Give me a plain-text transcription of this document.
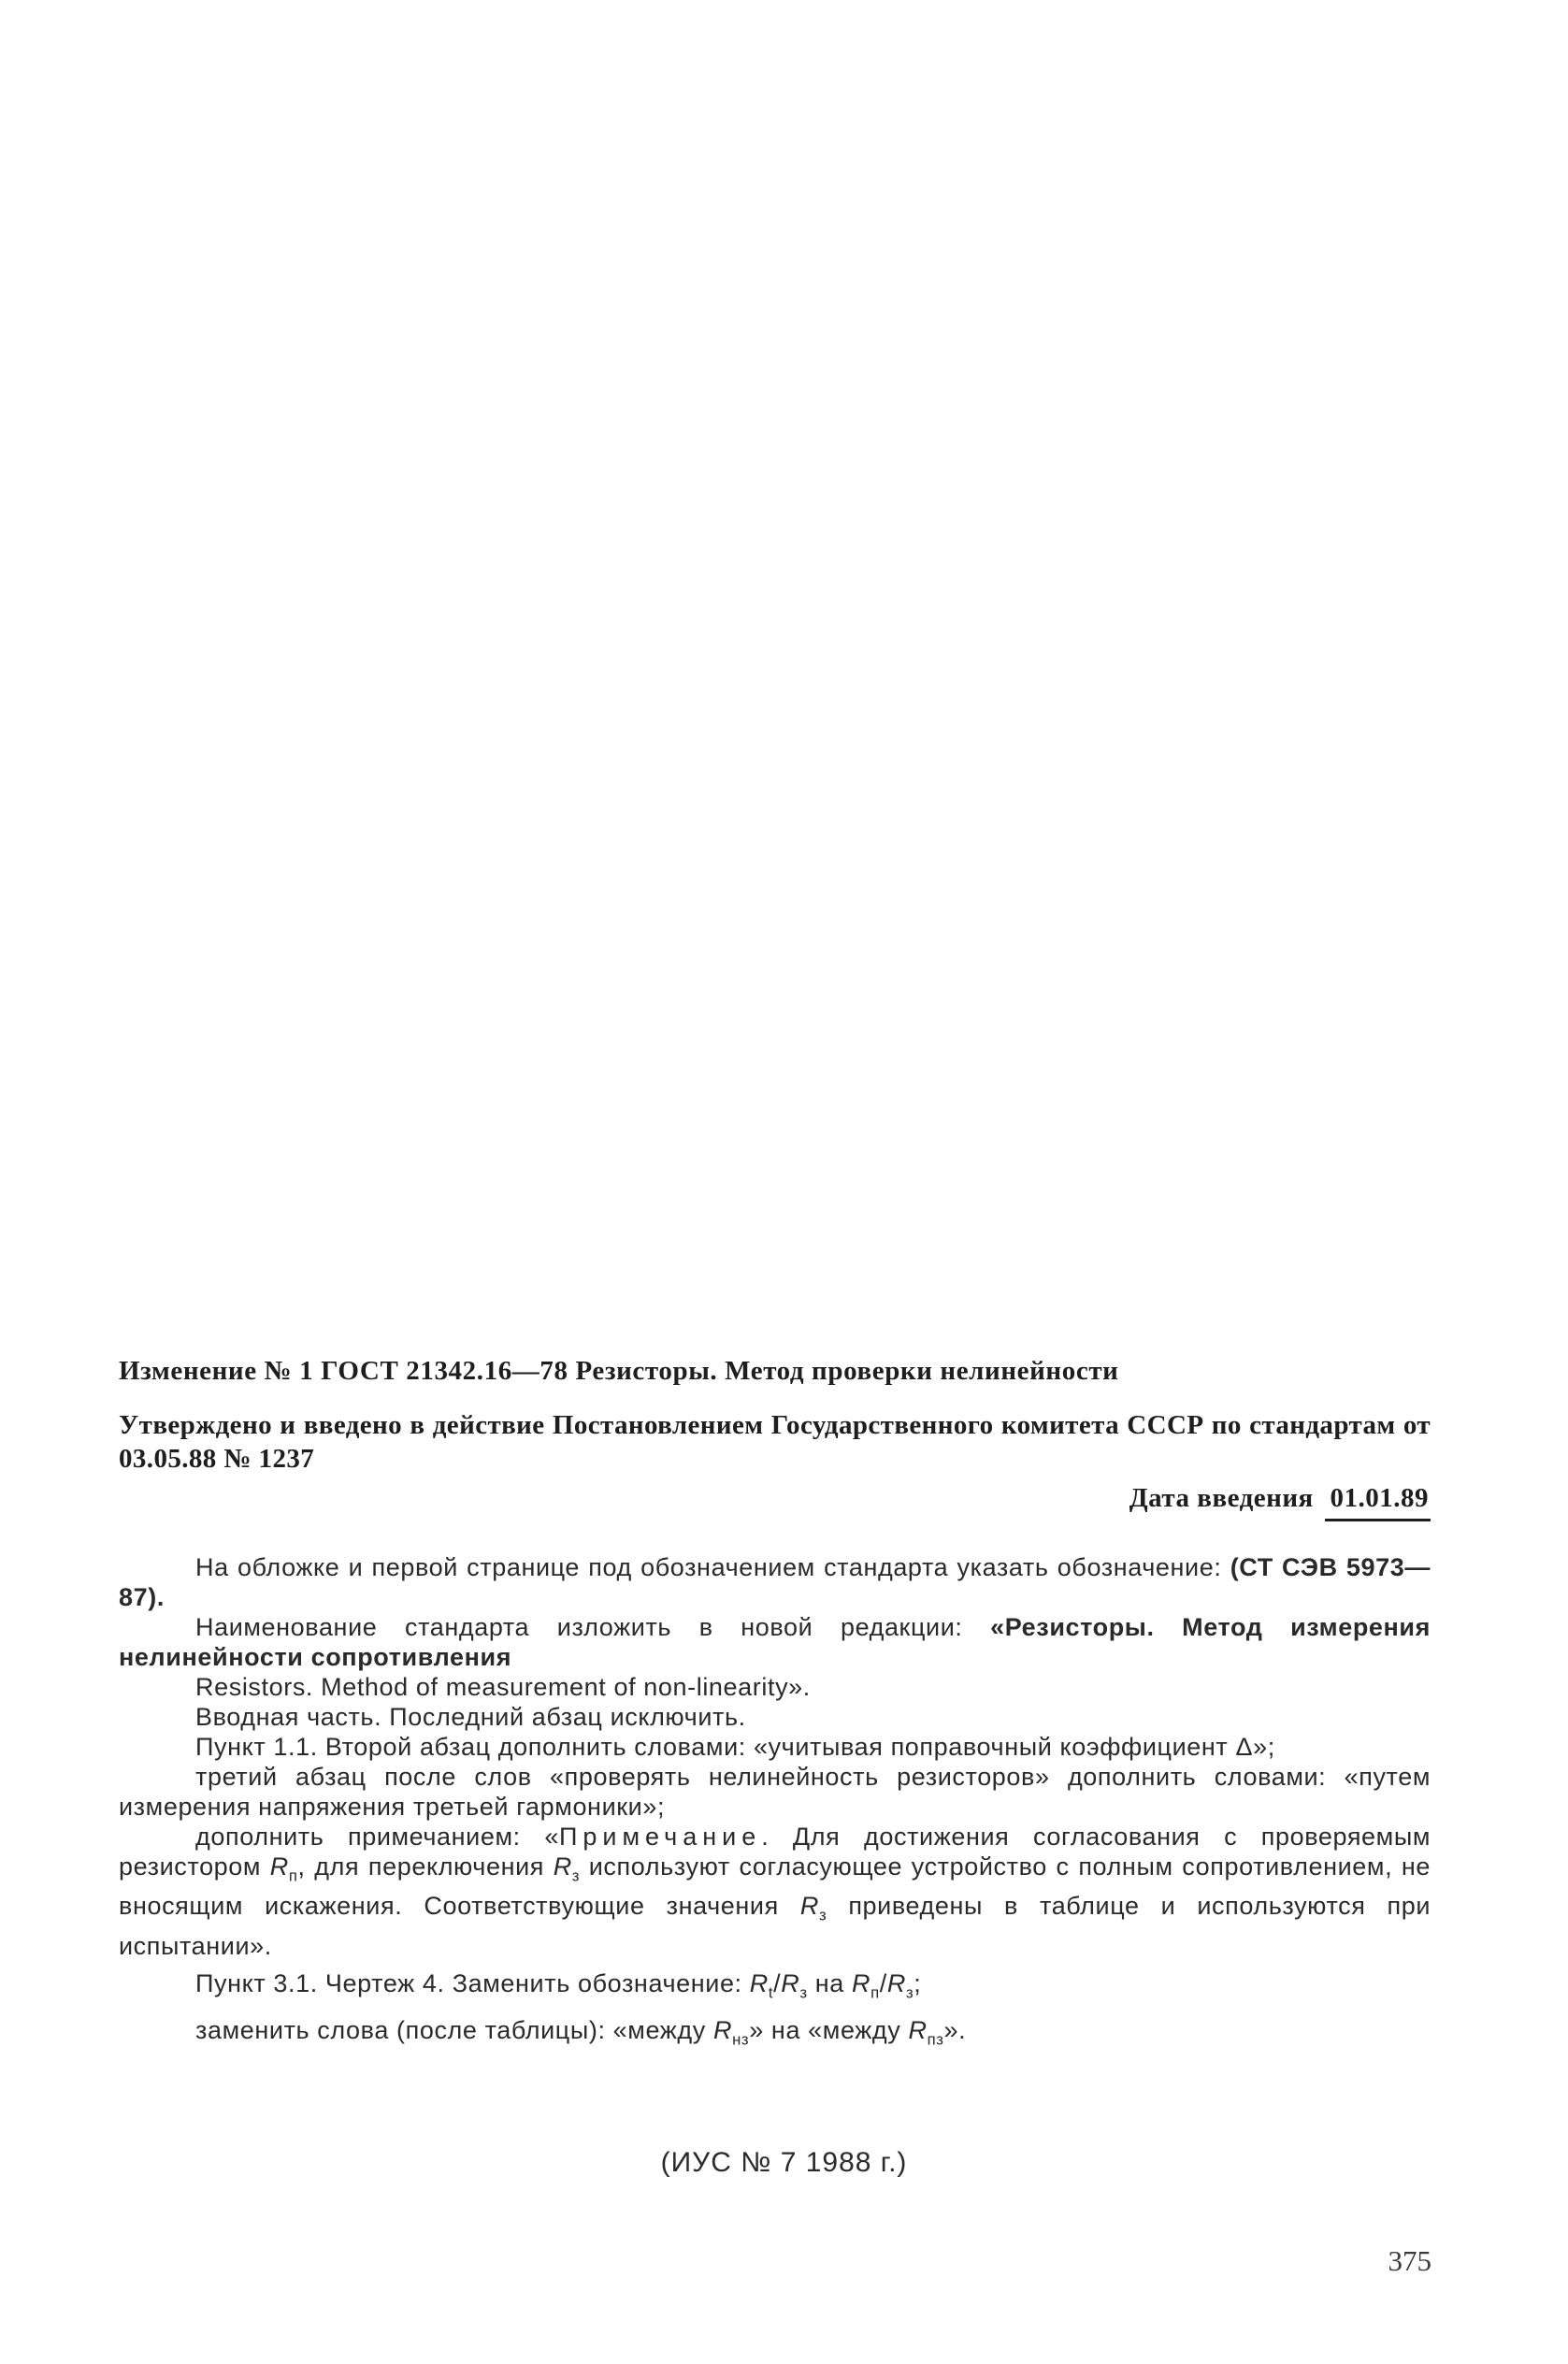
Изменение № 1 ГОСТ 21342.16—78 Резисторы. Метод проверки нелинейности
Утверждено и введено в действие Постановлением Государственного комитета СССР по стандартам от 03.05.88 № 1237
Дата введения 01.01.89

На обложке и первой странице под обозначением стандарта указать обозначение: (СТ СЭВ 5973—87).

Наименование стандарта изложить в новой редакции: «Резисторы. Метод измерения нелинейности сопротивления

Resistors. Method of measurement of non-linearity».

Вводная часть. Последний абзац исключить.

Пункт 1.1. Второй абзац дополнить словами: «учитывая поправочный коэффициент Δ»;

третий абзац после слов «проверять нелинейность резисторов» дополнить словами: «путем измерения напряжения третьей гармоники»;

дополнить примечанием: «Примечание. Для достижения согласования с проверяемым резистором $R_п$, для переключения $R_з$ используют согласующее устройство с полным сопротивлением, не вносящим искажения. Соответствующие значения $R_з$ приведены в таблице и используются при испытании».

Пункт 3.1. Чертеж 4. Заменить обозначение: $R_t/R_з$ на $R_п/R_з$;

заменить слова (после таблицы): «между $R_{нз}$» на «между $R_{пз}$».

(ИУС № 7 1988 г.)
375
